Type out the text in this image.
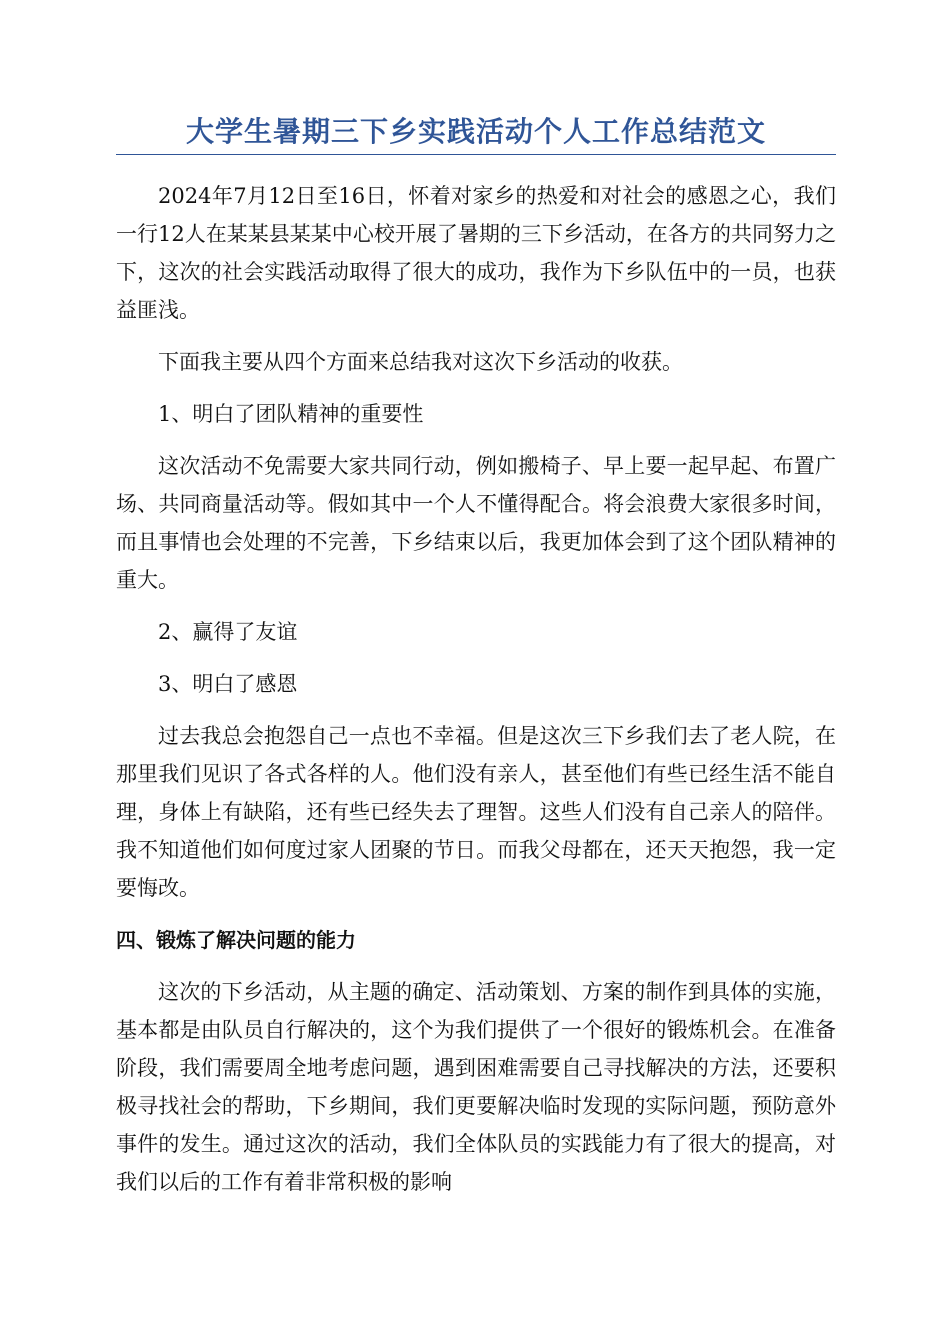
大学生暑期三下乡实践活动个人工作总结范文

2024年7月12日至16日，怀着对家乡的热爱和对社会的感恩之心，我们一行12人在某某县某某中心校开展了暑期的三下乡活动，在各方的共同努力之下，这次的社会实践活动取得了很大的成功，我作为下乡队伍中的一员，也获益匪浅。

下面我主要从四个方面来总结我对这次下乡活动的收获。

1、明白了团队精神的重要性

这次活动不免需要大家共同行动，例如搬椅子、早上要一起早起、布置广场、共同商量活动等。假如其中一个人不懂得配合。将会浪费大家很多时间，而且事情也会处理的不完善，下乡结束以后，我更加体会到了这个团队精神的重大。

2、赢得了友谊

3、明白了感恩

过去我总会抱怨自己一点也不幸福。但是这次三下乡我们去了老人院，在那里我们见识了各式各样的人。他们没有亲人，甚至他们有些已经生活不能自理，身体上有缺陷，还有些已经失去了理智。这些人们没有自己亲人的陪伴。我不知道他们如何度过家人团聚的节日。而我父母都在，还天天抱怨，我一定要悔改。

四、锻炼了解决问题的能力

这次的下乡活动，从主题的确定、活动策划、方案的制作到具体的实施，基本都是由队员自行解决的，这个为我们提供了一个很好的锻炼机会。在准备阶段，我们需要周全地考虑问题，遇到困难需要自己寻找解决的方法，还要积极寻找社会的帮助，下乡期间，我们更要解决临时发现的实际问题，预防意外事件的发生。通过这次的活动，我们全体队员的实践能力有了很大的提高，对我们以后的工作有着非常积极的影响
